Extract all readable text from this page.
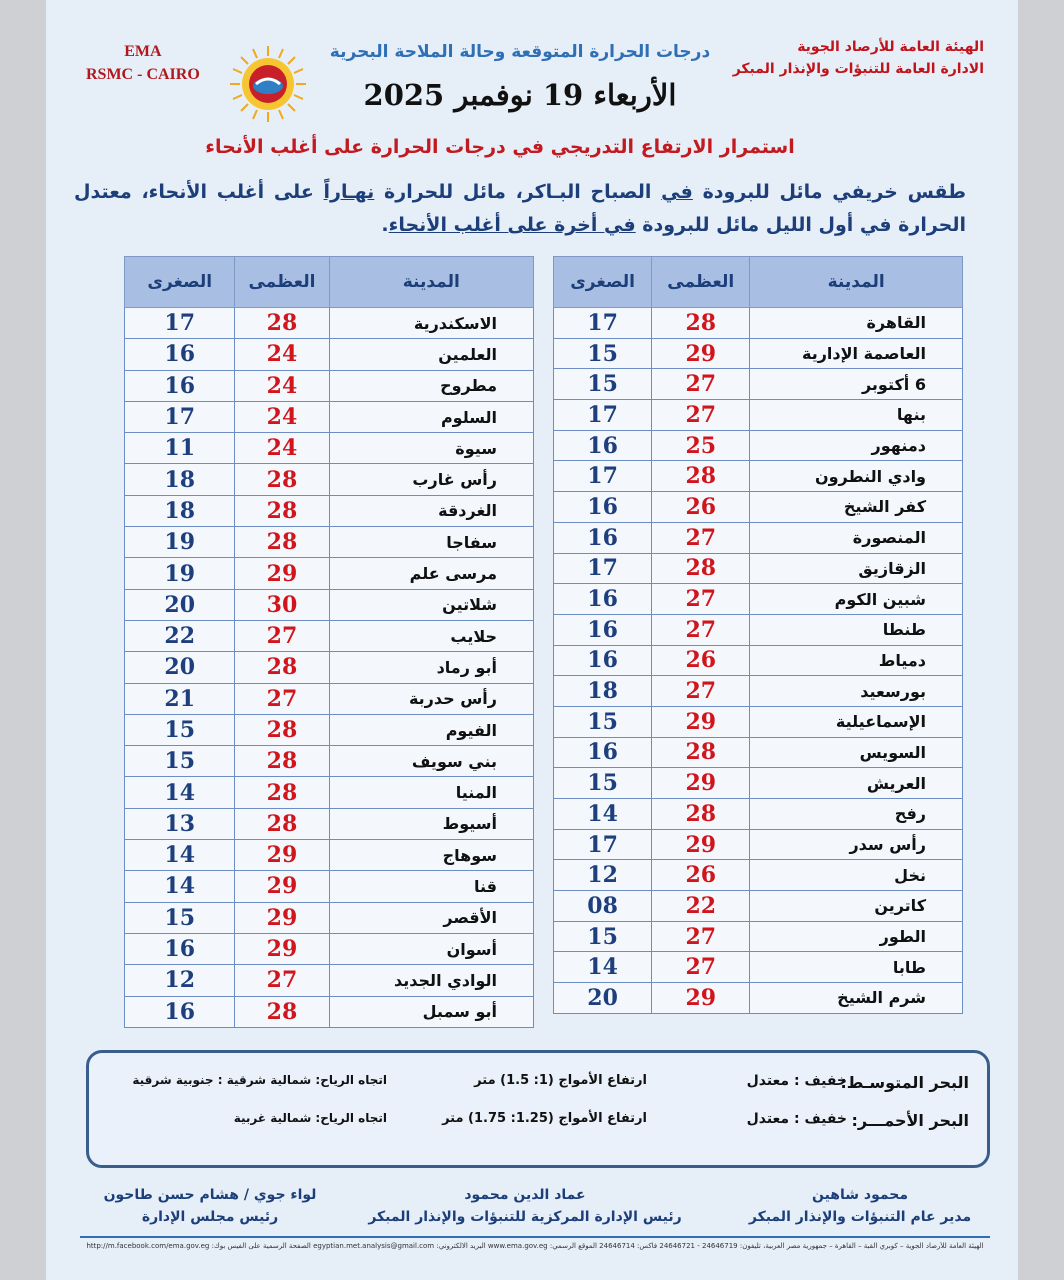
الهيئة العامة للأرصاد الجوية
الادارة العامة للتنبؤات والإنذار المبكر
EMA
RSMC - CAIRO
درجات الحرارة المتوقعة وحالة الملاحة البحرية
الأربعاء 19 نوفمبر 2025
استمرار الارتفاع التدريجي في درجات الحرارة على أغلب الأنحاء
طقس خريفي مائل للبرودة في الصباح البـاكر، مائل للحرارة نهـاراً على أغلب الأنحاء، معتدل الحرارة في أول الليل مائل للبرودة في أخرة على أغلب الأنحاء.
المدينة	العظمى	الصغرى
القاهرة	28	17
العاصمة الإدارية	29	15
6 أكتوبر	27	15
بنها	27	17
دمنهور	25	16
وادي النطرون	28	17
كفر الشيخ	26	16
المنصورة	27	16
الزقازيق	28	17
شبين الكوم	27	16
طنطا	27	16
دمياط	26	16
بورسعيد	27	18
الإسماعيلية	29	15
السويس	28	16
العريش	29	15
رفح	28	14
رأس سدر	29	17
نخل	26	12
كاترين	22	08
الطور	27	15
طابا	27	14
شرم الشيخ	29	20
المدينة	العظمى	الصغرى
الاسكندرية	28	17
العلمين	24	16
مطروح	24	16
السلوم	24	17
سيوة	24	11
رأس غارب	28	18
الغردقة	28	18
سفاجا	28	19
مرسى علم	29	19
شلاتين	30	20
حلايب	27	22
أبو رماد	28	20
رأس حدربة	27	21
الفيوم	28	15
بني سويف	28	15
المنيا	28	14
أسيوط	28	13
سوهاج	29	14
قنا	29	14
الأقصر	29	15
أسوان	29	16
الوادي الجديد	27	12
أبو سمبل	28	16
البحر المتوسـط:
خفيف : معتدل
ارتفاع الأمواج (1: 1.5) متر
اتجاه الرياح: شمالية شرقية : جنوبية شرقية
البحر الأحمـــر:
خفيف : معتدل
ارتفاع الأمواج (1.25: 1.75) متر
اتجاه الرياح: شمالية غربية
محمود شاهين
مدير عام التنبؤات والإنذار المبكر
عماد الدين محمود
رئيس الإدارة المركزية للتنبؤات والإنذار المبكر
لواء جوي / هشام حسن طاحون
رئيس مجلس الإدارة
الهيئة العامة للأرصاد الجوية – كوبري القبة – القاهرة – جمهورية مصر العربية، تليفون: 24646719 - 24646721 فاكس: 24646714 الموقع الرسمي: www.ema.gov.eg البريد الالكتروني: egyptian.met.analysis@gmail.com الصفحة الرسمية على الفيس بوك: http://m.facebook.com/ema.gov.eg
